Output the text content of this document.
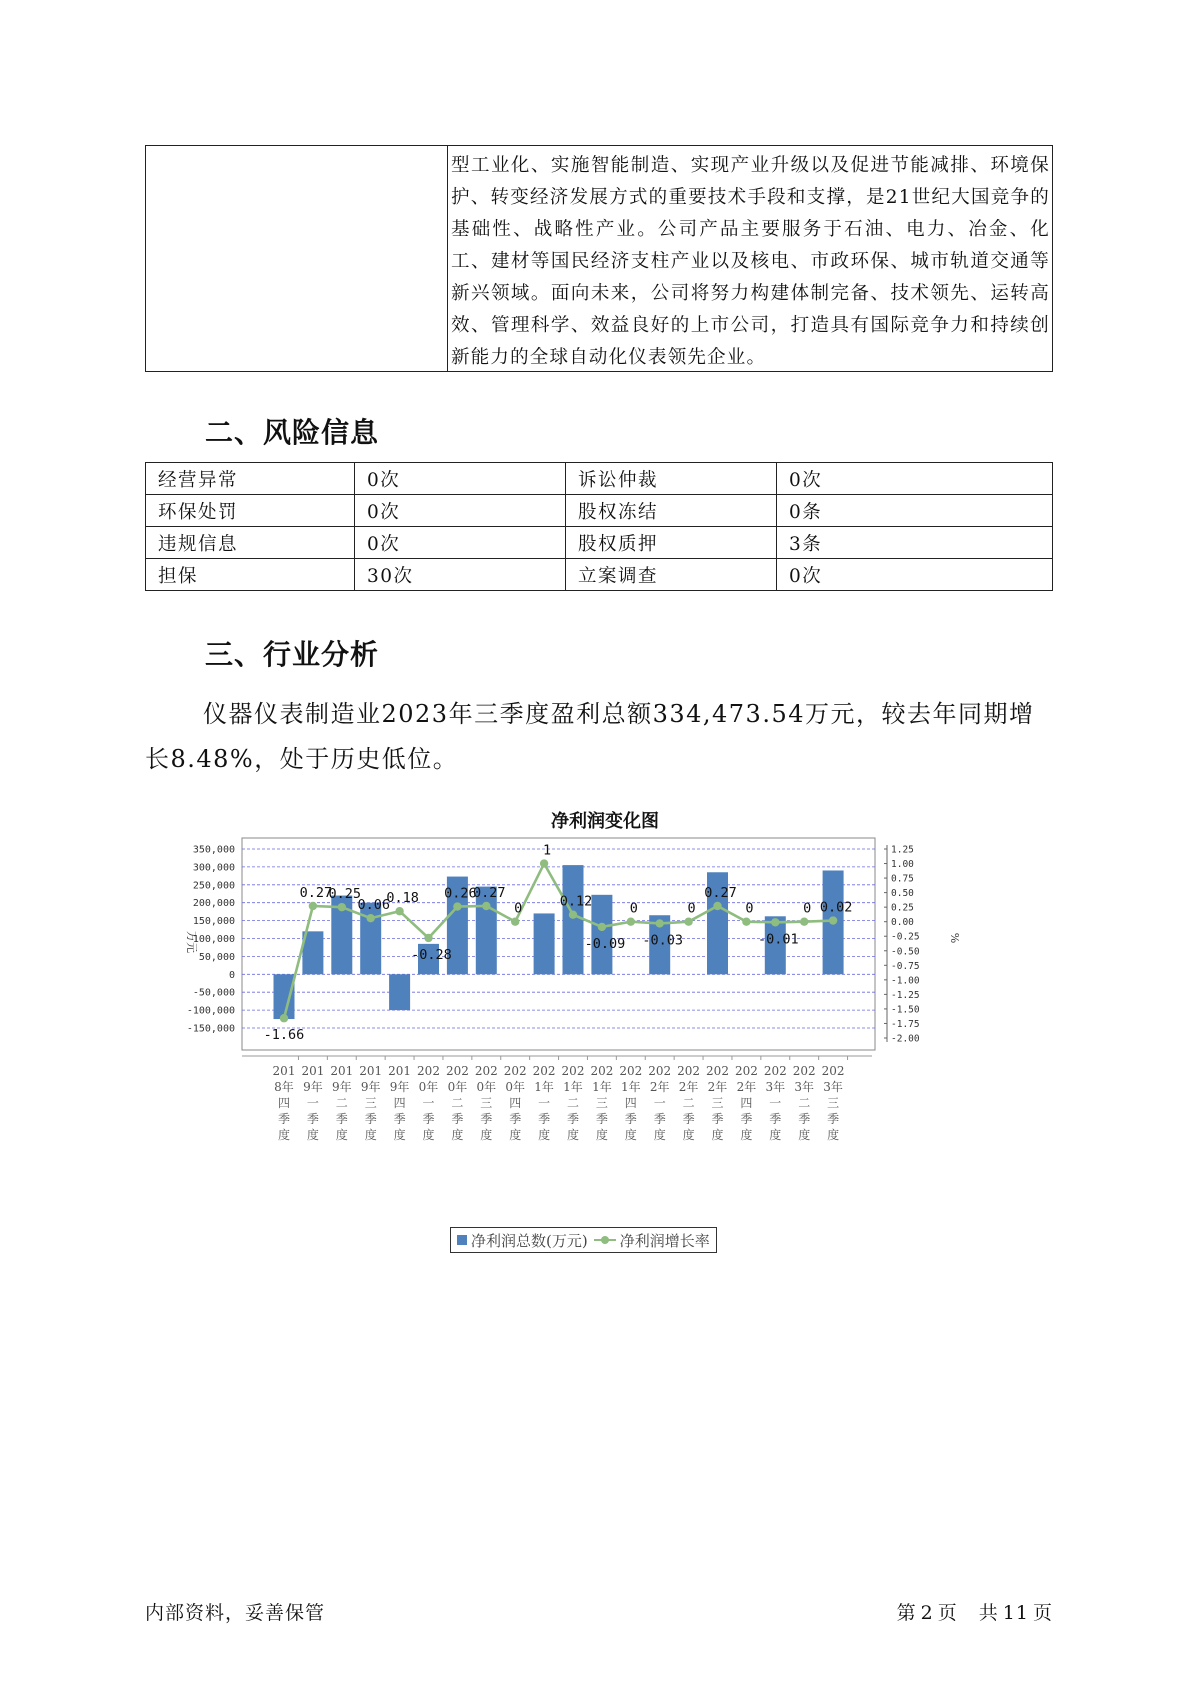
型工业化、实施智能制造、实现产业升级以及促进节能减排、环境保护、转变经济发展方式的重要技术手段和支撑，是21世纪大国竞争的基础性、战略性产业。公司产品主要服务于石油、电力、冶金、化工、建材等国民经济支柱产业以及核电、市政环保、城市轨道交通等新兴领域。面向未来，公司将努力构建体制完备、技术领先、运转高效、管理科学、效益良好的上市公司，打造具有国际竞争力和持续创新能力的全球自动化仪表领先企业。
二、风险信息
经营异常	0次	诉讼仲裁	0次
环保处罚	0次	股权冻结	0条
违规信息	0次	股权质押	3条
担保	30次	立案调查	0次
三、行业分析
仪器仪表制造业2023年三季度盈利总额334,473.54万元，较去年同期增长8.48%，处于历史低位。
-150,000
-100,000
-50,000
0
50,000
100,000
150,000
200,000
250,000
300,000
350,000
-2.00
-1.75
-1.50
-1.25
-1.00
-0.75
-0.50
-0.25
0.00
0.25
0.50
0.75
1.00
1.25
万元	%
-1.66
0.27
0.25
0.06
0.18
-0.28
0.26
0.27
0
1
0.12
-0.09
0
-0.03
0
0.27
0
-0.01
0 0.02
201 8年四季度
201 9年一季度
201 9年二季度
201 9年三季度
201 9年四季度
202 0年一季度
202 0年二季度
202 0年三季度
202 0年四季度
202 1年一季度
202 1年二季度
202 1年三季度
202 1年四季度
202 2年一季度
202 2年二季度
202 2年三季度
202 2年四季度
202 3年一季度
202 3年二季度
202 3年三季度
净利润变化图
净利润总数(万元) 净利润增长率
内部资料，妥善保管	第 2 页 共 11 页
